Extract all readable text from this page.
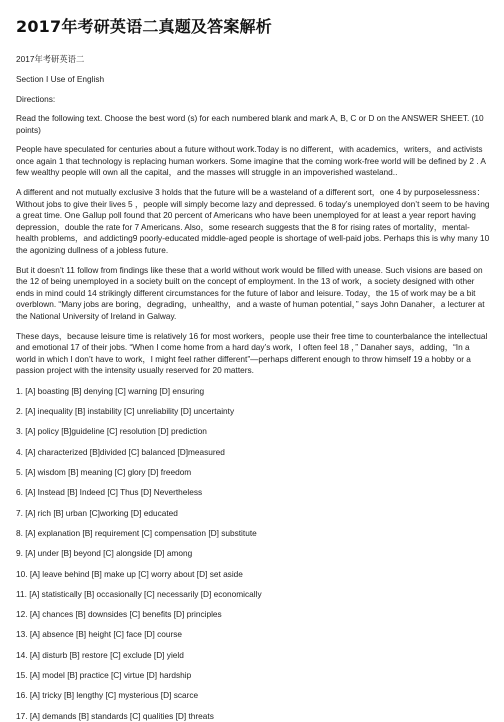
2017年考研英语二真题及答案解析
2017年考研英语二
Section I Use of English
Directions:
Read the following text. Choose the best word (s) for each numbered blank and mark A, B, C or D on the ANSWER SHEET. (10 points)
People have speculated for centuries about a future without work.Today is no different，with academics，writers，and activists once again 1 that technology is replacing human workers. Some imagine that the coming work-free world will be defined by 2 . A few wealthy people will own all the capital，and the masses will struggle in an impoverished wasteland..
A different and not mutually exclusive 3 holds that the future will be a wasteland of a different sort，one 4 by purposelessness：Without jobs to give their lives 5 ，people will simply become lazy and depressed. 6 today’s unemployed don’t seem to be having a great time. One Gallup poll found that 20 percent of Americans who have been unemployed for at least a year report having depression，double the rate for 7 Americans. Also，some research suggests that the 8 for rising rates of mortality，mental-health problems，and addicting9 poorly-educated middle-aged people is shortage of well-paid jobs. Perhaps this is why many 10 the agonizing dullness of a jobless future.
But it doesn’t 11 follow from findings like these that a world without work would be filled with unease. Such visions are based on the 12 of being unemployed in a society built on the concept of employment. In the 13 of work，a society designed with other ends in mind could 14 strikingly different circumstances for the future of labor and leisure. Today，the 15 of work may be a bit overblown. “Many jobs are boring，degrading，unhealthy，and a waste of human potential，” says John Danaher，a lecturer at the National University of Ireland in Galway.
These days，because leisure time is relatively 16 for most workers，people use their free time to counterbalance the intellectual and emotional 17 of their jobs. “When I come home from a hard day’s work，I often feel 18 ，” Danaher says，adding，“In a world in which I don’t have to work，I might feel rather different”—perhaps different enough to throw himself 19 a hobby or a passion project with the intensity usually reserved for 20 matters.
1. [A] boasting [B] denying [C] warning [D] ensuring
2. [A] inequality [B] instability [C] unreliability [D] uncertainty
3. [A] policy [B]guideline [C] resolution [D] prediction
4. [A] characterized [B]divided [C] balanced [D]measured
5. [A] wisdom [B] meaning [C] glory [D] freedom
6. [A] Instead [B] Indeed [C] Thus [D] Nevertheless
7. [A] rich [B] urban [C]working [D] educated
8. [A] explanation [B] requirement [C] compensation [D] substitute
9. [A] under [B] beyond [C] alongside [D] among
10. [A] leave behind [B] make up [C] worry about [D] set aside
11. [A] statistically [B] occasionally [C] necessarily [D] economically
12. [A] chances [B] downsides [C] benefits [D] principles
13. [A] absence [B] height [C] face [D] course
14. [A] disturb [B] restore [C] exclude [D] yield
15. [A] model [B] practice [C] virtue [D] hardship
16. [A] tricky [B] lengthy [C] mysterious [D] scarce
17. [A] demands [B] standards [C] qualities [D] threats
